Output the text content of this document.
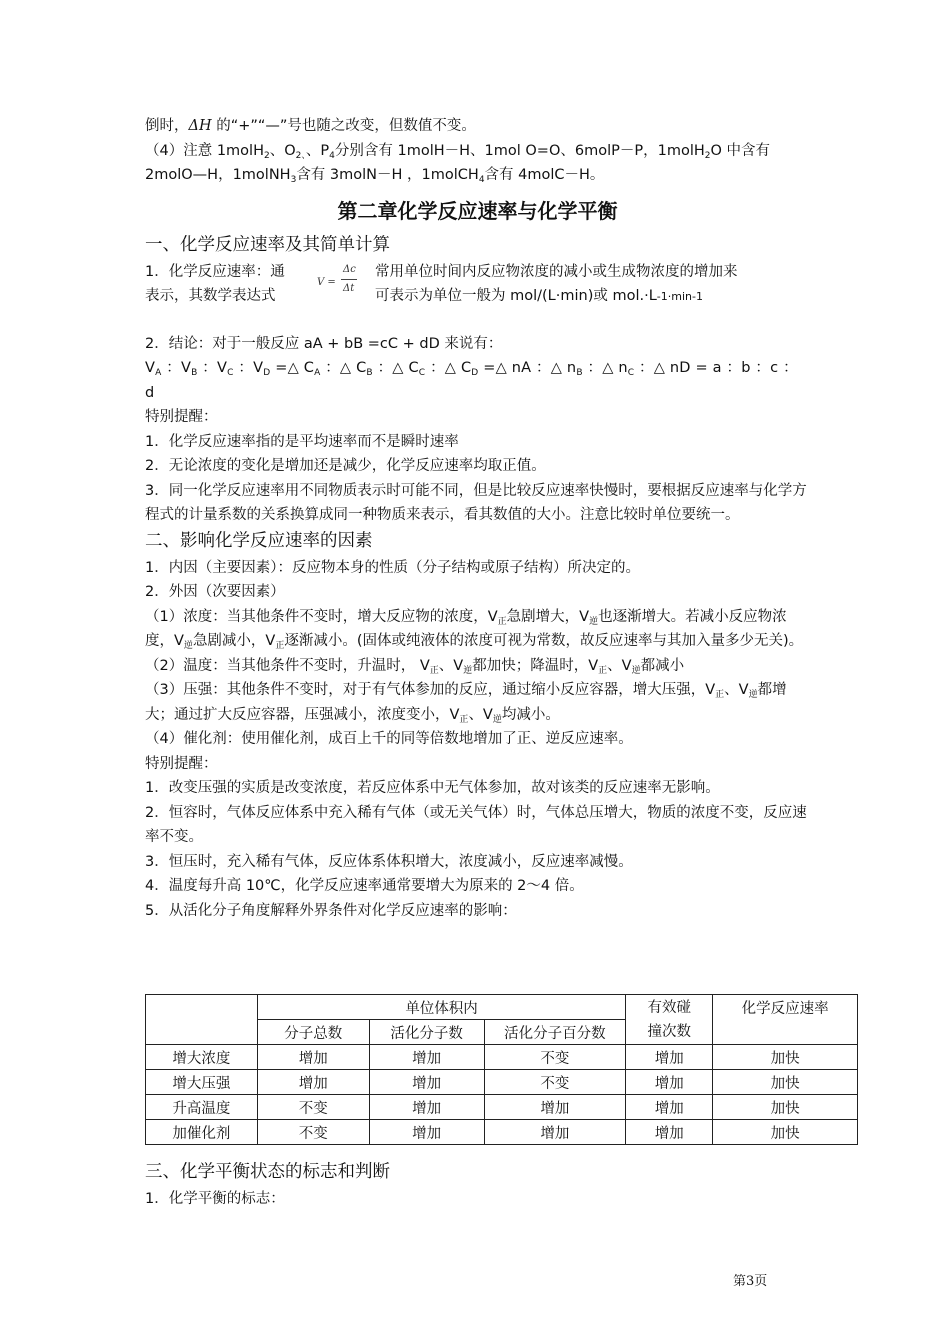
倒时，ΔH 的“+”“—”号也随之改变，但数值不变。

（4）注意 1molH$_2$、$O_{2、}$、$P_4$分别含有 1molH－H、1mol O=O、6molP－P，1molH$_2$O 中含有

2molO—H，1molNH$_3$含有 3molN－H ，1molCH$_4$含有 4molC－H。

第二章化学反应速率与化学平衡
一、化学反应速率及其简单计算
1．化学反应速率：通
表示，其数学表达式
V =
Δc
Δt
常用单位时间内反应物浓度的减小或生成物浓度的增加来
可表示为单位一般为 mol/(L·min)或 mol.·L-1·min-1

2．结论：对于一般反应 aA + bB =cC + dD 来说有：

$V_A$ ：$V_B$ ：$V_C$ ：$V_D$ =△ $C_A$ ：△ $C_B$ ：△ $C_C$ ：△ $C_D$ =△ nA ：△ $n_B$ ：△ $n_C$ ：△ nD = a ：b ：c ：

d

特别提醒：

1．化学反应速率指的是平均速率而不是瞬时速率

2．无论浓度的变化是增加还是减少，化学反应速率均取正值。

3．同一化学反应速率用不同物质表示时可能不同，但是比较反应速率快慢时，要根据反应速率与化学方程式的计量系数的关系换算成同一种物质来表示，看其数值的大小。注意比较时单位要统一。

二、影响化学反应速率的因素

1．内因（主要因素）：反应物本身的性质（分子结构或原子结构）所决定的。

2．外因（次要因素）

（1）浓度：当其他条件不变时，增大反应物的浓度，$V_正$急剧增大，$V_逆$也逐渐增大。若减小反应物浓度，$V_逆$急剧减小，$V_正$逐渐减小。(固体或纯液体的浓度可视为常数，故反应速率与其加入量多少无关)。

（2）温度：当其他条件不变时，升温时， $V_正$、$V_逆$都加快；降温时，$V_正$、$V_逆$都减小

（3）压强：其他条件不变时，对于有气体参加的反应，通过缩小反应容器，增大压强，$V_正$、$V_逆$都增大；通过扩大反应容器，压强减小，浓度变小，$V_正$、$V_逆$均减小。

（4）催化剂：使用催化剂，成百上千的同等倍数地增加了正、逆反应速率。

特别提醒：

1．改变压强的实质是改变浓度，若反应体系中无气体参加，故对该类的反应速率无影响。

2．恒容时，气体反应体系中充入稀有气体（或无关气体）时，气体总压增大，物质的浓度不变，反应速率不变。

3．恒压时，充入稀有气体，反应体系体积增大，浓度减小，反应速率减慢。

4．温度每升高 10℃，化学反应速率通常要增大为原来的 2～4 倍。

5．从活化分子角度解释外界条件对化学反应速率的影响：

	单位体积内			有效碰
撞次数	化学反应速率
	分子总数	活化分子数	活化分子百分数		
增大浓度	增加	增加	不变	增加	加快
增大压强	增加	增加	不变	增加	加快
升高温度	不变	增加	增加	增加	加快
加催化剂	不变	增加	增加	增加	加快
三、化学平衡状态的标志和判断

1．化学平衡的标志：

第3页
